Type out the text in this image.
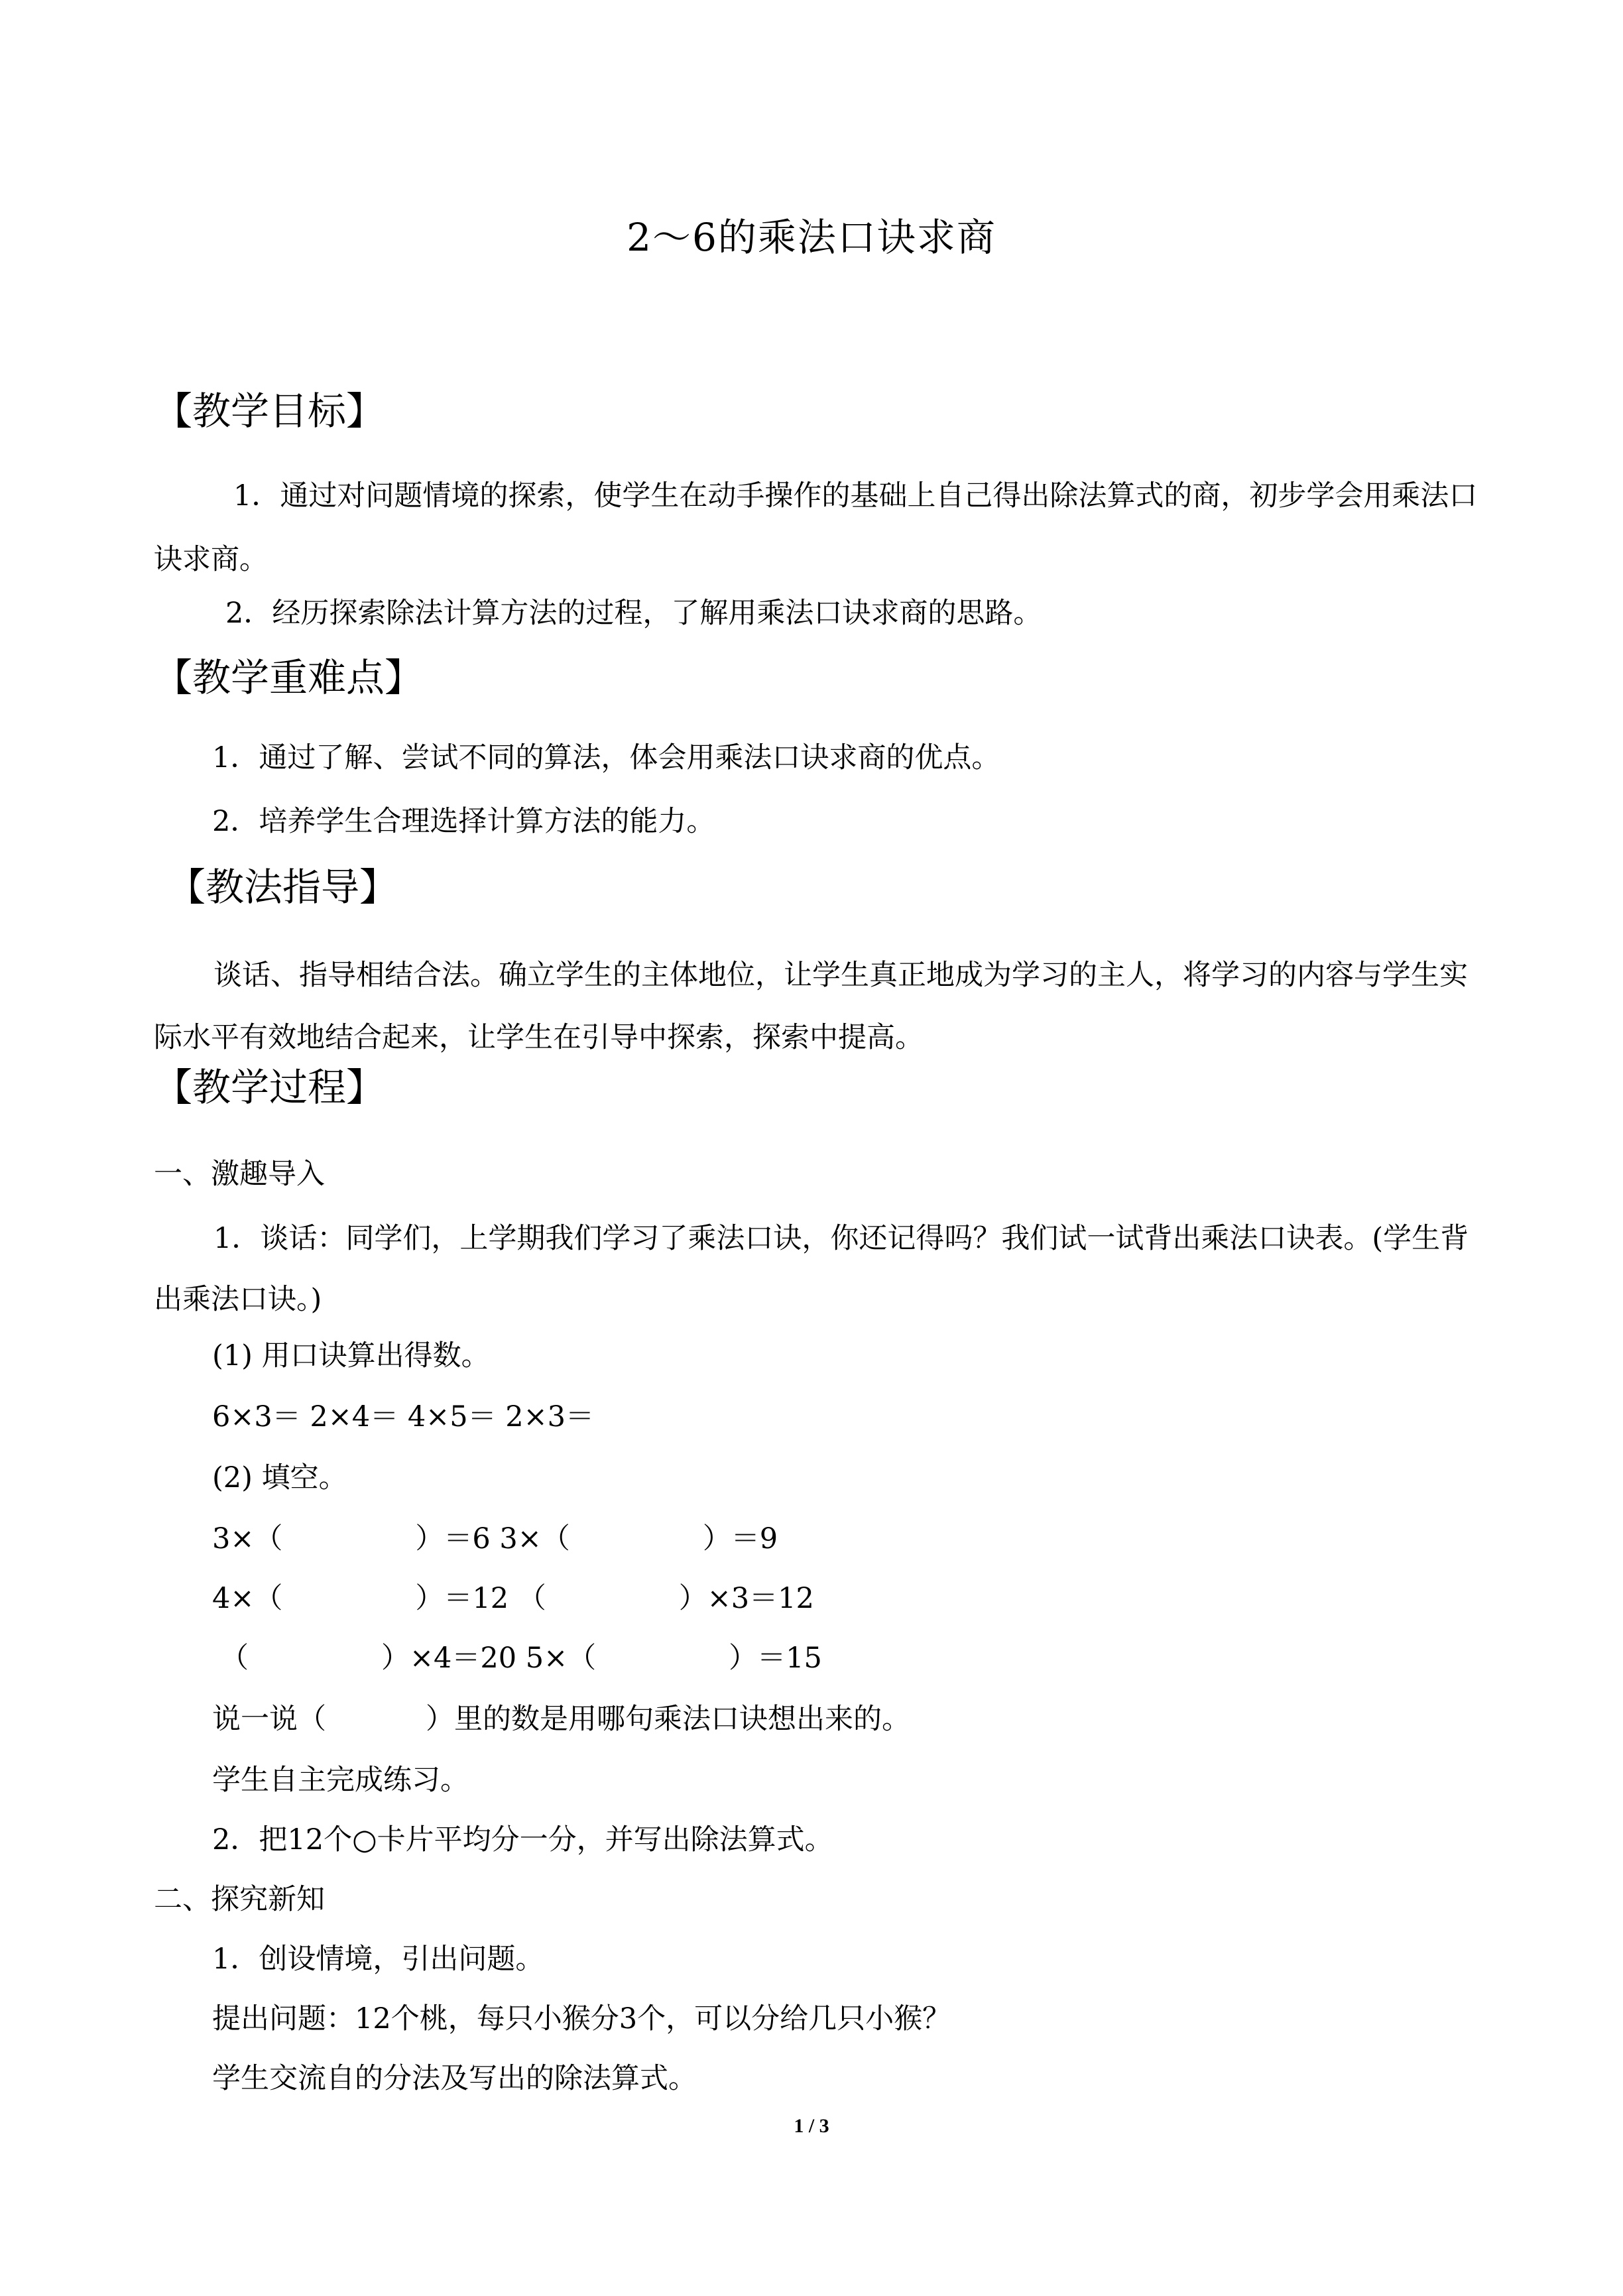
2～6的乘法口诀求商
【教学目标】
1．通过对问题情境的探索，使学生在动手操作的基础上自己得出除法算式的商，初步学会用乘法口诀求商。
2．经历探索除法计算方法的过程，了解用乘法口诀求商的思路。
【教学重难点】
1．通过了解、尝试不同的算法，体会用乘法口诀求商的优点。
2．培养学生合理选择计算方法的能力。
【教法指导】
谈话、指导相结合法。确立学生的主体地位，让学生真正地成为学习的主人，将学习的内容与学生实际水平有效地结合起来，让学生在引导中探索，探索中提高。
【教学过程】
一、激趣导入
1．谈话：同学们，上学期我们学习了乘法口诀，你还记得吗？我们试一试背出乘法口诀表。(学生背出乘法口诀。)
(1) 用口诀算出得数。
6×3＝ 2×4＝ 4×5＝ 2×3＝
(2) 填空。
3×（	）＝6 3×（	）＝9
4×（	）＝12 （	）×3＝12
（	）×4＝20 5×（	）＝15
说一说（	）里的数是用哪句乘法口诀想出来的。
学生自主完成练习。
2．把12个○卡片平均分一分，并写出除法算式。
二、探究新知
1．创设情境，引出问题。
提出问题：12个桃，每只小猴分3个，可以分给几只小猴？
学生交流自的分法及写出的除法算式。
1 / 3
